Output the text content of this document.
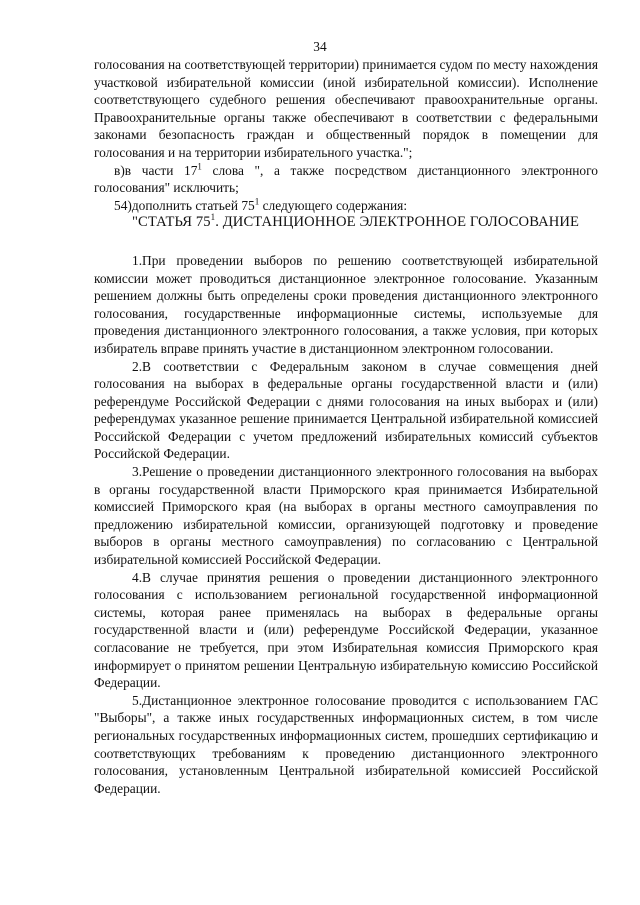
34

голосования на соответствующей территории) принимается судом по месту нахождения участковой избирательной комиссии (иной избирательной комиссии). Исполнение соответствующего судебного решения обеспечивают правоохранительные органы. Правоохранительные органы также обеспечивают в соответствии с федеральными законами безопасность граждан и общественный порядок в помещении для голосования и на территории избирательного участка.";

в)в части $17^1$ слова ", а также посредством дистанционного электронного голосования" исключить;

54)дополнить статьей $75^1$ следующего содержания:

"СТАТЬЯ $75^1$. ДИСТАНЦИОННОЕ ЭЛЕКТРОННОЕ ГОЛОСОВАНИЕ

1.При проведении выборов по решению соответствующей избирательной комиссии может проводиться дистанционное электронное голосование. Указанным решением должны быть определены сроки проведения дистанционного электронного голосования, государственные информационные системы, используемые для проведения дистанционного электронного голосования, а также условия, при которых избиратель вправе принять участие в дистанционном электронном голосовании.

2.В соответствии с Федеральным законом в случае совмещения дней голосования на выборах в федеральные органы государственной власти и (или) референдуме Российской Федерации с днями голосования на иных выборах и (или) референдумах указанное решение принимается Центральной избирательной комиссией Российской Федерации с учетом предложений избирательных комиссий субъектов Российской Федерации.

3.Решение о проведении дистанционного электронного голосования на выборах в органы государственной власти Приморского края принимается Избирательной комиссией Приморского края (на выборах в органы местного самоуправления по предложению избирательной комиссии, организующей подготовку и проведение выборов в органы местного самоуправления) по согласованию с Центральной избирательной комиссией Российской Федерации.

4.В случае принятия решения о проведении дистанционного электронного голосования с использованием региональной государственной информационной системы, которая ранее применялась на выборах в федеральные органы государственной власти и (или) референдуме Российской Федерации, указанное согласование не требуется, при этом Избирательная комиссия Приморского края информирует о принятом решении Центральную избирательную комиссию Российской Федерации.

5.Дистанционное электронное голосование проводится с использованием ГАС "Выборы", а также иных государственных информационных систем, в том числе региональных государственных информационных систем, прошедших сертификацию и соответствующих требованиям к проведению дистанционного электронного голосования, установленным Центральной избирательной комиссией Российской Федерации.
